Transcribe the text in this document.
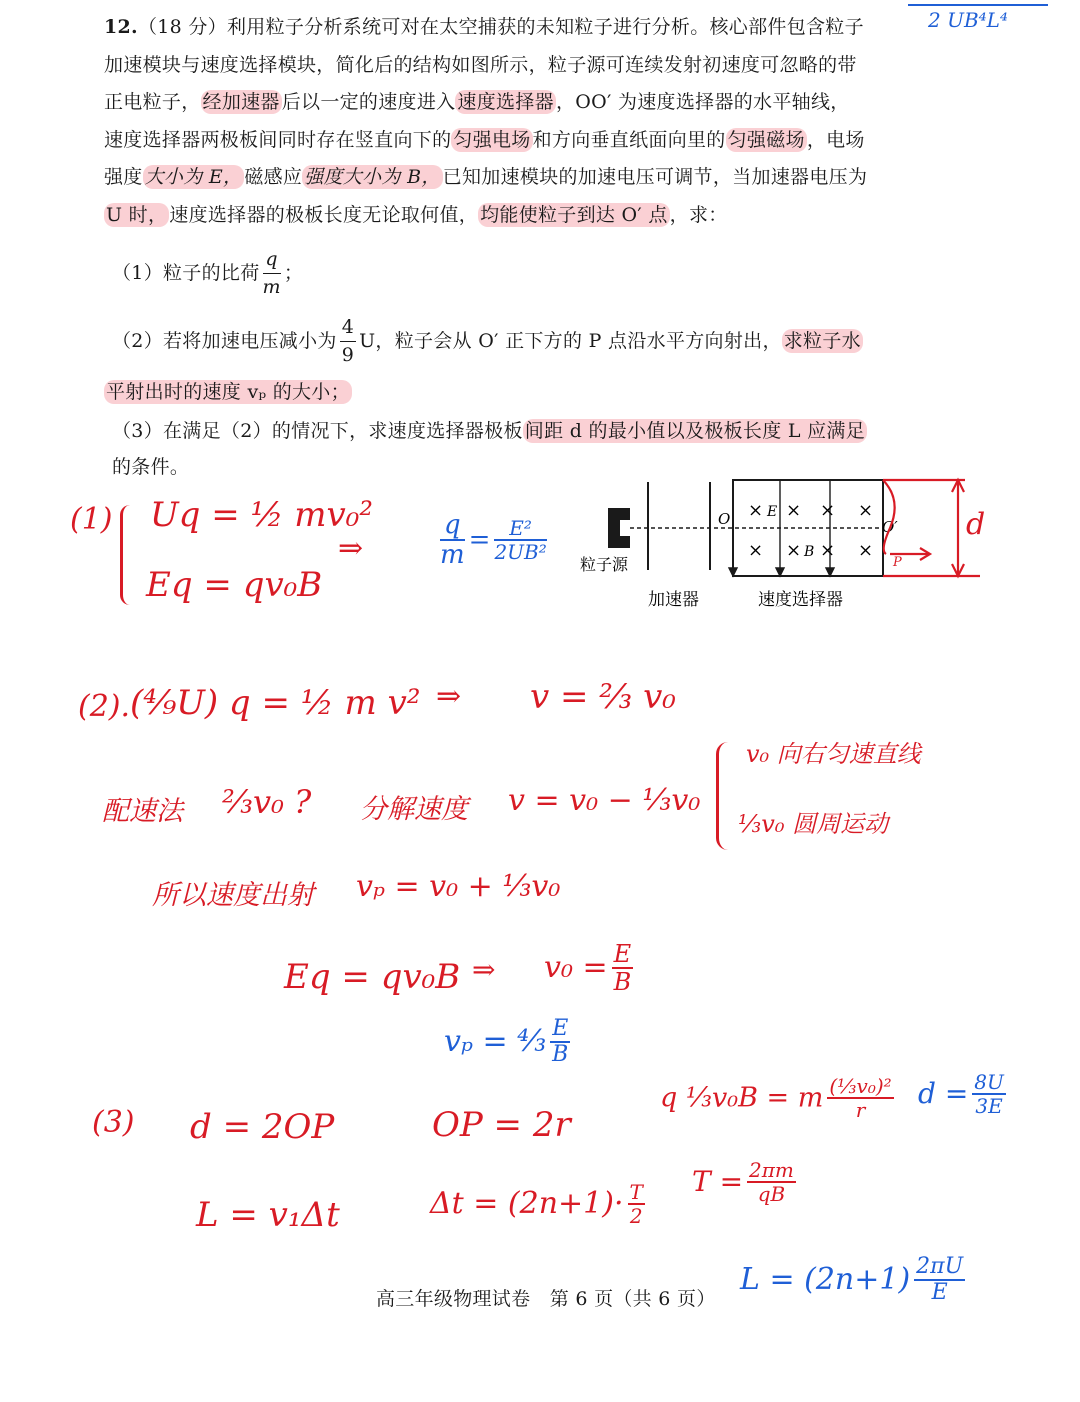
12.（18 分）利用粒子分析系统可对在太空捕获的未知粒子进行分析。核心部件包含粒子
加速模块与速度选择模块，简化后的结构如图所示，粒子源可连续发射初速度可忽略的带
正电粒子， 经加速器 后以一定的速度进入 速度选择器 ，OO′ 为速度选择器的水平轴线，
速度选择器两极板间同时存在竖直向下的 匀强电场 和方向垂直纸面向里的 匀强磁场 ，电场
强度 大小为 E， 磁感应 强度大小为 B， 已知加速模块的加速电压可调节，当加速器电压为
U 时， 速度选择器的极板长度无论取何值， 均能使粒子到达 O′ 点 ，求：
（1）粒子的比荷 $\frac{q}{m}$ ；
（2）若将加速电压减小为 $\frac{4}{9}$ U，粒子会从 O′ 正下方的 P 点沿水平方向射出， 求粒子水
平射出时的速度 vₚ 的大小；
（3）在满足（2）的情况下，求速度选择器极板 间距 d 的最小值以及极板长度 L 应满足
的条件。
× × × ×
× × × ×
E
B
O	O′
P
d
粒子源
加速器	速度选择器
2 UB⁴L⁴
(1) Uq = ½ mv₀²
Eq = qv₀B
⇒	$\frac{q}{m} = \frac{\text{E²}}{\text{2UB²}}$
(2). (⁴⁄₉U) q = ½ m v² ⇒ v = ⅔ v₀
配速法 ⅔v₀ ? 分解速度 v = v₀ − ⅓v₀
v₀ 向右匀速直线
⅓v₀ 圆周运动
所以速度出射 vₚ = v₀ + ⅓v₀
Eq = qv₀B ⇒ $v_0 = \frac{E}{B}$
vₚ = ⁴⁄₃ $\frac{E}{B}$
(3) d = 2OP	OP = 2r
q ⅓v₀B = m $\frac{\text{(⅓v₀)²}}{r}$ $d = \frac{8U}{3E}$
L = v₁Δt	$\Delta t = (2n+1)\cdot \frac{T}{2}$
$T = \frac{2\pi m}{qB}$
高三年级物理试卷　第 6 页（共 6 页）
$L = (2n+1) \frac{2\pi U}{E}$
